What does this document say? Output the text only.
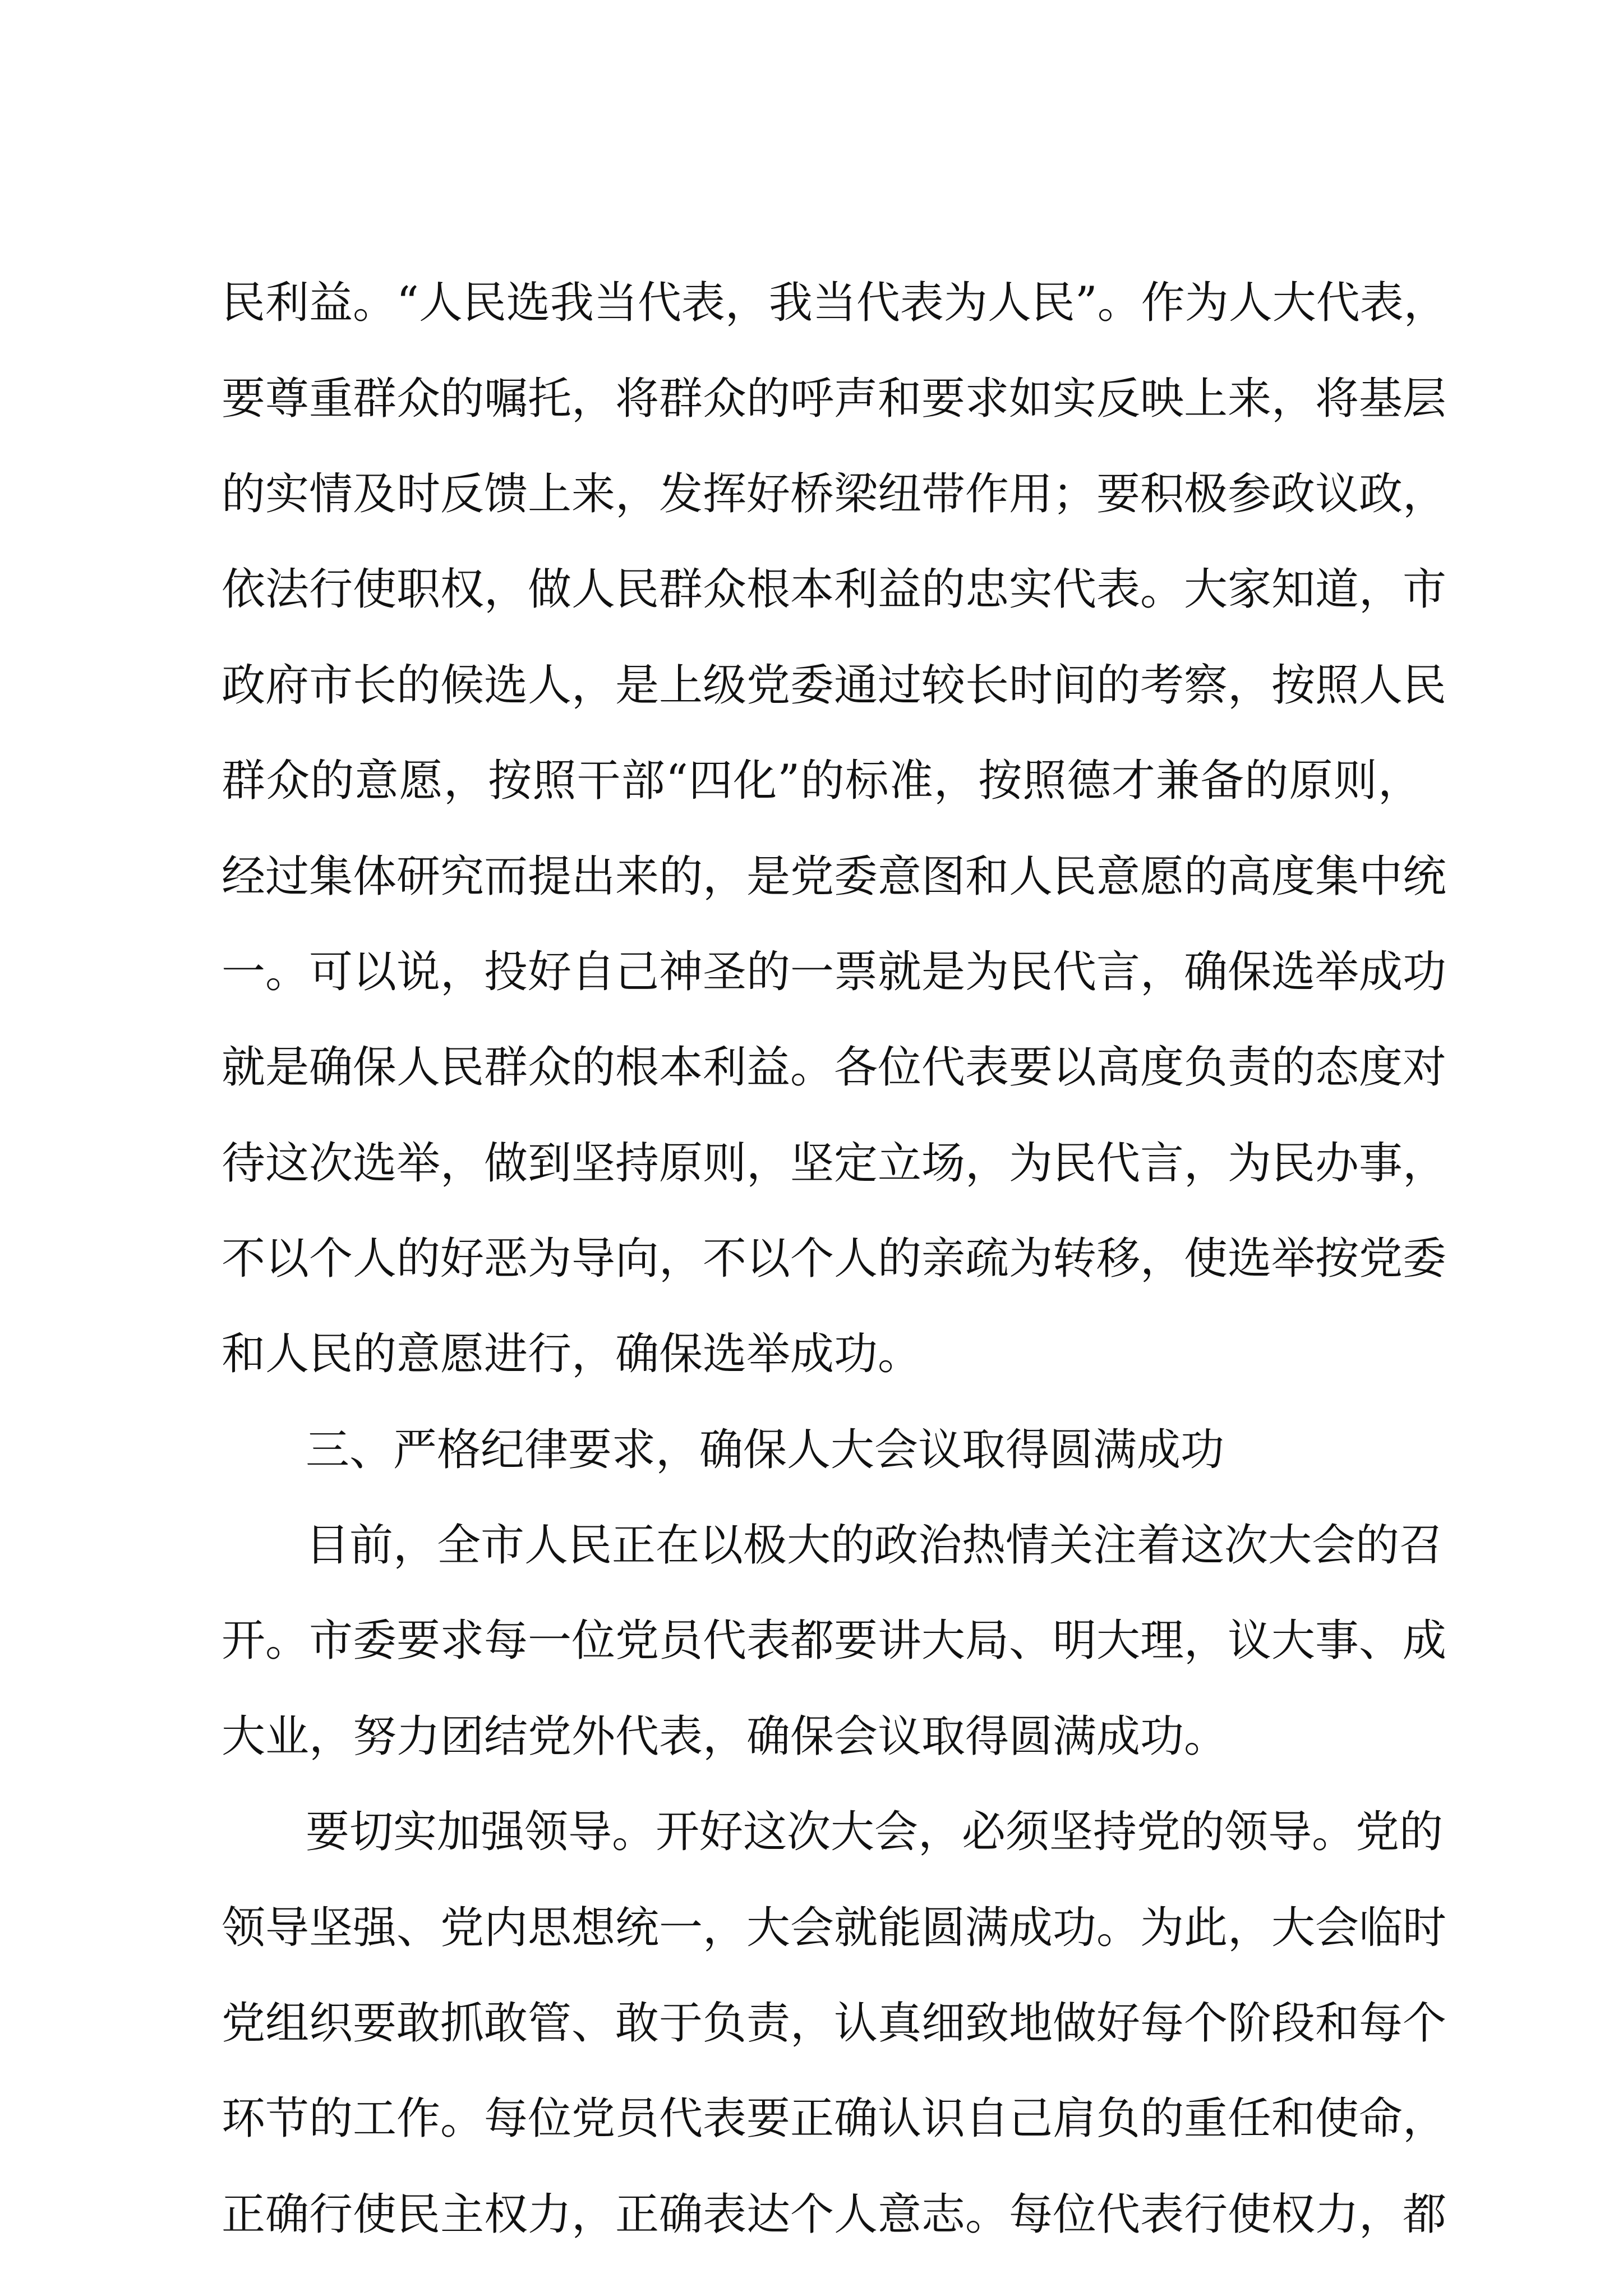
民利益。“人民选我当代表，我当代表为人民”。作为人大代表，
要尊重群众的嘱托，将群众的呼声和要求如实反映上来，将基层
的实情及时反馈上来，发挥好桥梁纽带作用；要积极参政议政，
依法行使职权，做人民群众根本利益的忠实代表。大家知道，市
政府市长的候选人，是上级党委通过较长时间的考察，按照人民
群众的意愿，按照干部“四化”的标准，按照德才兼备的原则，
经过集体研究而提出来的，是党委意图和人民意愿的高度集中统
一。可以说，投好自己神圣的一票就是为民代言，确保选举成功
就是确保人民群众的根本利益。各位代表要以高度负责的态度对
待这次选举，做到坚持原则，坚定立场，为民代言，为民办事，
不以个人的好恶为导向，不以个人的亲疏为转移，使选举按党委
和人民的意愿进行，确保选举成功。
三、严格纪律要求，确保人大会议取得圆满成功
目前，全市人民正在以极大的政治热情关注着这次大会的召
开。市委要求每一位党员代表都要讲大局、明大理，议大事、成
大业，努力团结党外代表，确保会议取得圆满成功。
要切实加强领导。开好这次大会，必须坚持党的领导。党的
领导坚强、党内思想统一，大会就能圆满成功。为此，大会临时
党组织要敢抓敢管、敢于负责，认真细致地做好每个阶段和每个
环节的工作。每位党员代表要正确认识自己肩负的重任和使命，
正确行使民主权力，正确表达个人意志。每位代表行使权力，都
